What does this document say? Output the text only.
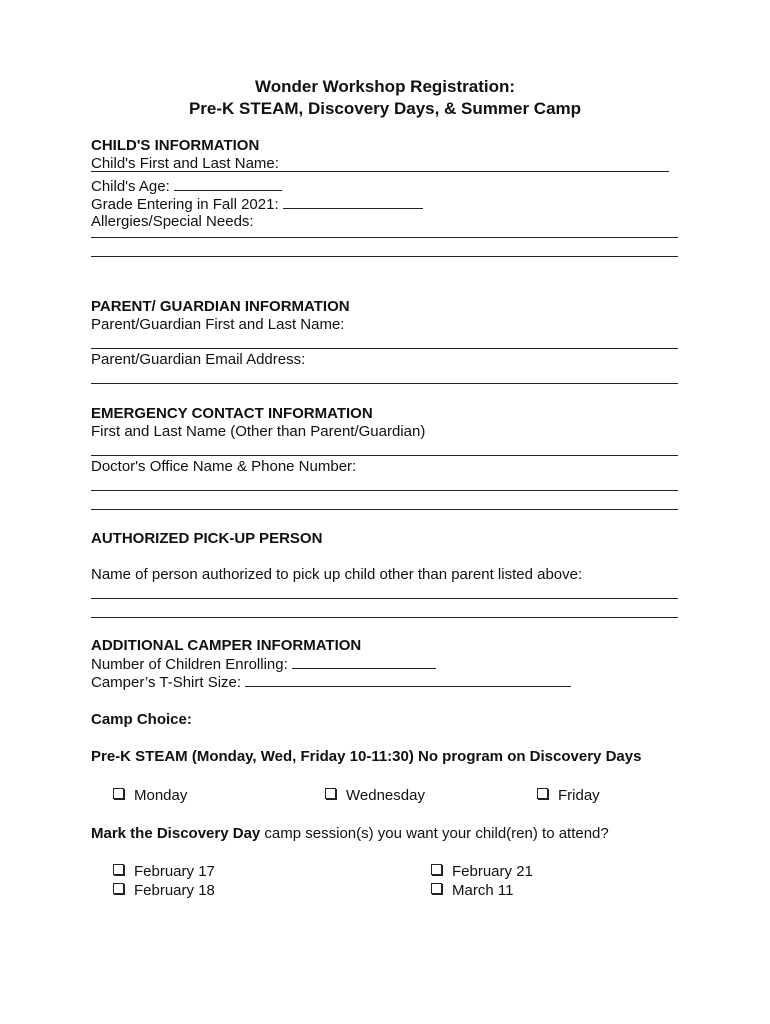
Wonder Workshop Registration:
Pre-K STEAM, Discovery Days, & Summer Camp
CHILD'S INFORMATION
Child's First and Last Name:
Child's Age:
Grade Entering in Fall 2021:
Allergies/Special Needs:
PARENT/ GUARDIAN INFORMATION
Parent/Guardian First and Last Name:
Parent/Guardian Email Address:
EMERGENCY CONTACT INFORMATION
First and Last Name (Other than Parent/Guardian)
Doctor's Office Name & Phone Number:
AUTHORIZED PICK-UP PERSON
Name of person authorized to pick up child other than parent listed above:
ADDITIONAL CAMPER INFORMATION
Number of Children Enrolling:
Camper’s T-Shirt Size:
Camp Choice:
Pre-K STEAM (Monday, Wed, Friday 10-11:30) No program on Discovery Days
Monday	Wednesday	Friday
Mark the Discovery Day camp session(s) you want your child(ren) to attend?
February 17
February 18
February 21
March 11
